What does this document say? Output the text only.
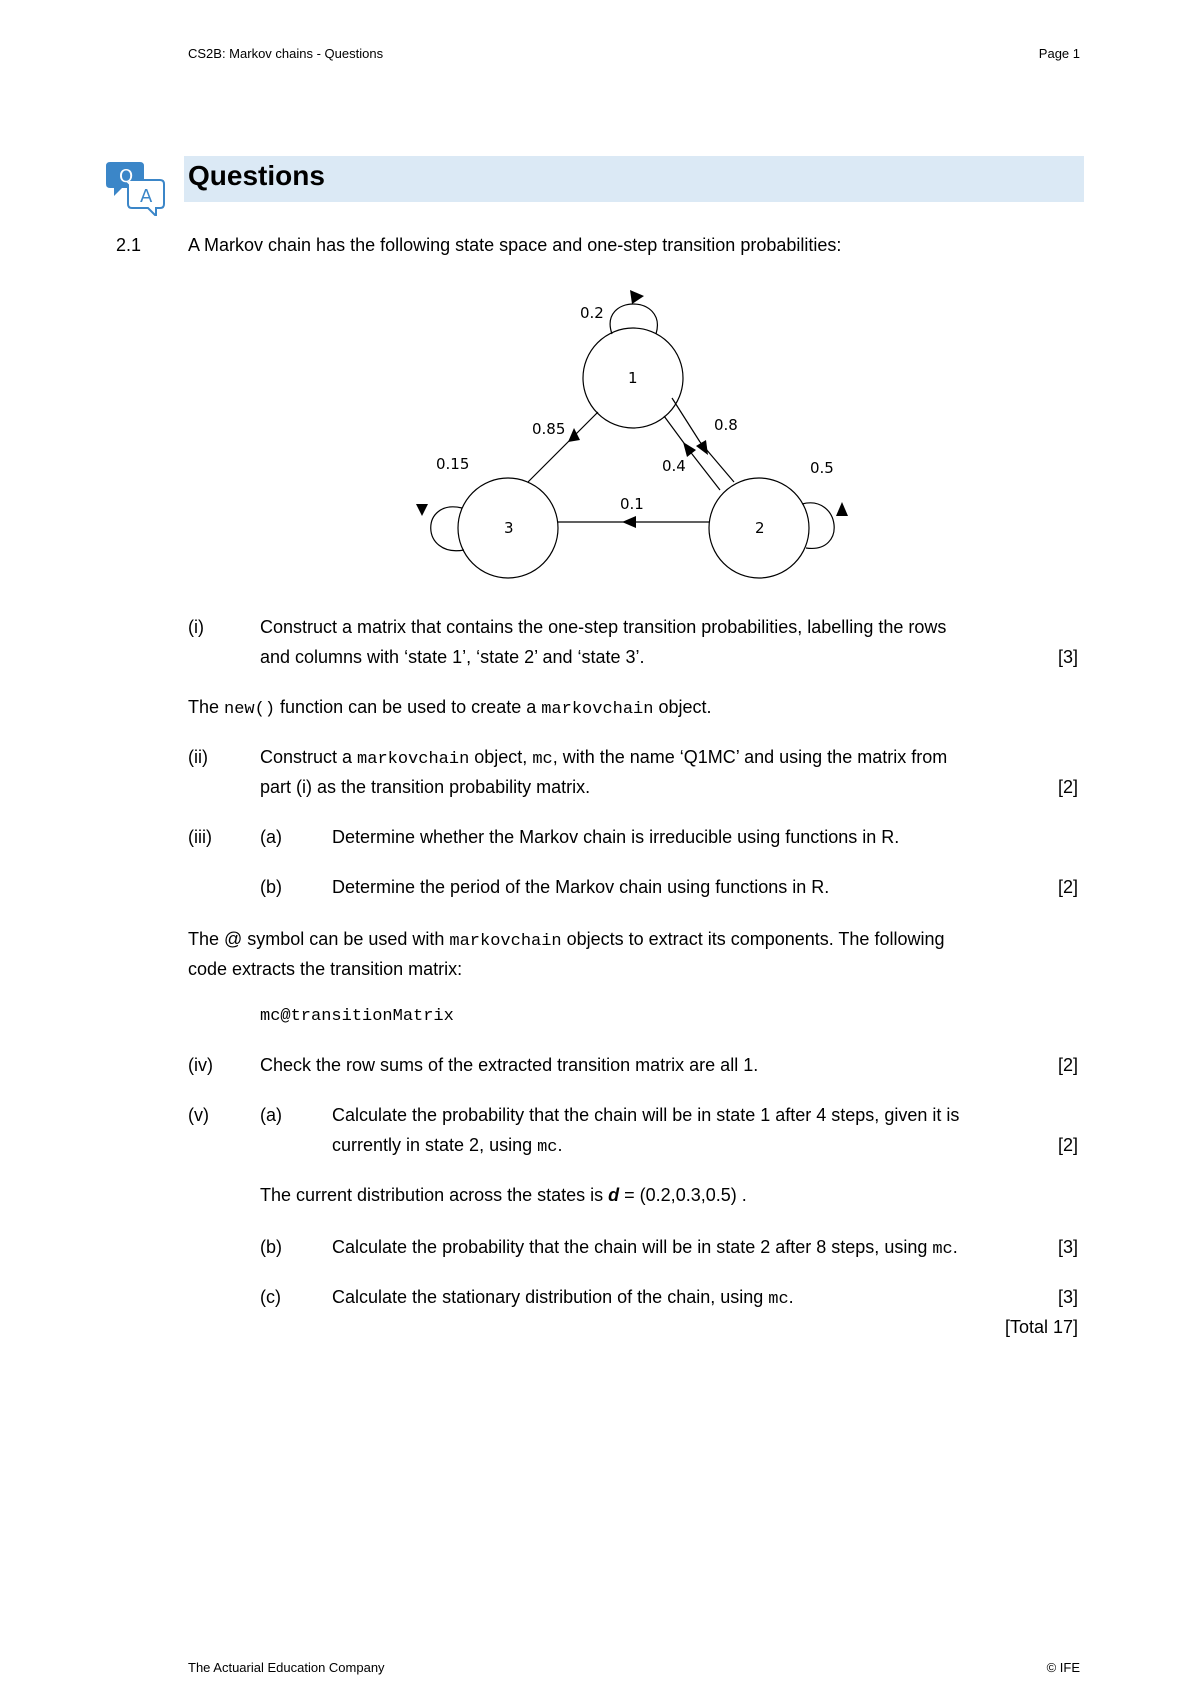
CS2B: Markov chains - Questions	Page 1
Q
A
Questions
2.1	A Markov chain has the following state space and one-step transition probabilities:
1
2
3
0.2
0.8
0.4	0.5
0.1
0.85
0.15
(i)	Construct a matrix that contains the one-step transition probabilities, labelling the rows
and columns with ‘state 1’, ‘state 2’ and ‘state 3’.	[3]
The new() function can be used to create a markovchain object.
(ii)	Construct a markovchain object, mc, with the name ‘Q1MC’ and using the matrix from
part (i) as the transition probability matrix.	[2]
(iii)	(a)	Determine whether the Markov chain is irreducible using functions in R.
(b)	Determine the period of the Markov chain using functions in R.	[2]
The @ symbol can be used with markovchain objects to extract its components. The following
code extracts the transition matrix:
mc@transitionMatrix
(iv)	Check the row sums of the extracted transition matrix are all 1.	[2]
(v)	(a)	Calculate the probability that the chain will be in state 1 after 4 steps, given it is
currently in state 2, using mc.	[2]
The current distribution across the states is d = (0.2,0.3,0.5) .
(b)	Calculate the probability that the chain will be in state 2 after 8 steps, using mc.	[3]
(c)	Calculate the stationary distribution of the chain, using mc.	[3]
[Total 17]
The Actuarial Education Company	© IFE
